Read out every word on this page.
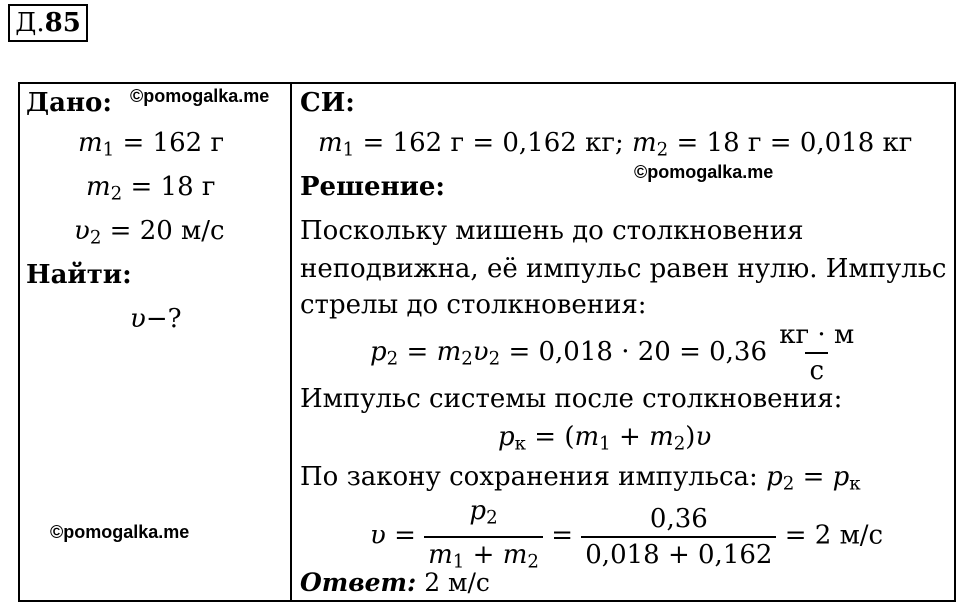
Д.85
Дано: ©pomogalka.me
$m_1 = 162$ г
$m_2 = 18$ г
$\upsilon_2 = 20$ м/с
Найти:
υ−?
©pomogalka.me
СИ:
$m_1 = 162$ г = 0,162 кг; $m_2 = 18$ г = 0,018 кг
©pomogalka.me
Решение:
Поскольку мишень до столкновения
неподвижна, её импульс равен нулю. Импульс
стрелы до столкновения:
$p_2 = m_2\upsilon_2 = 0,018 \cdot 20 = 0,36 \frac{кг \cdot м}{с}$
Импульс системы после столкновения:
$p_к = (m_1 + m_2)\upsilon$
По закону сохранения импульса: $p_2 = p_к$
$\upsilon = \frac{p_2}{m_1 + m_2} = \frac{0,36}{0,018 + 0,162} = 2$ м/с
Ответ: 2 м/с
